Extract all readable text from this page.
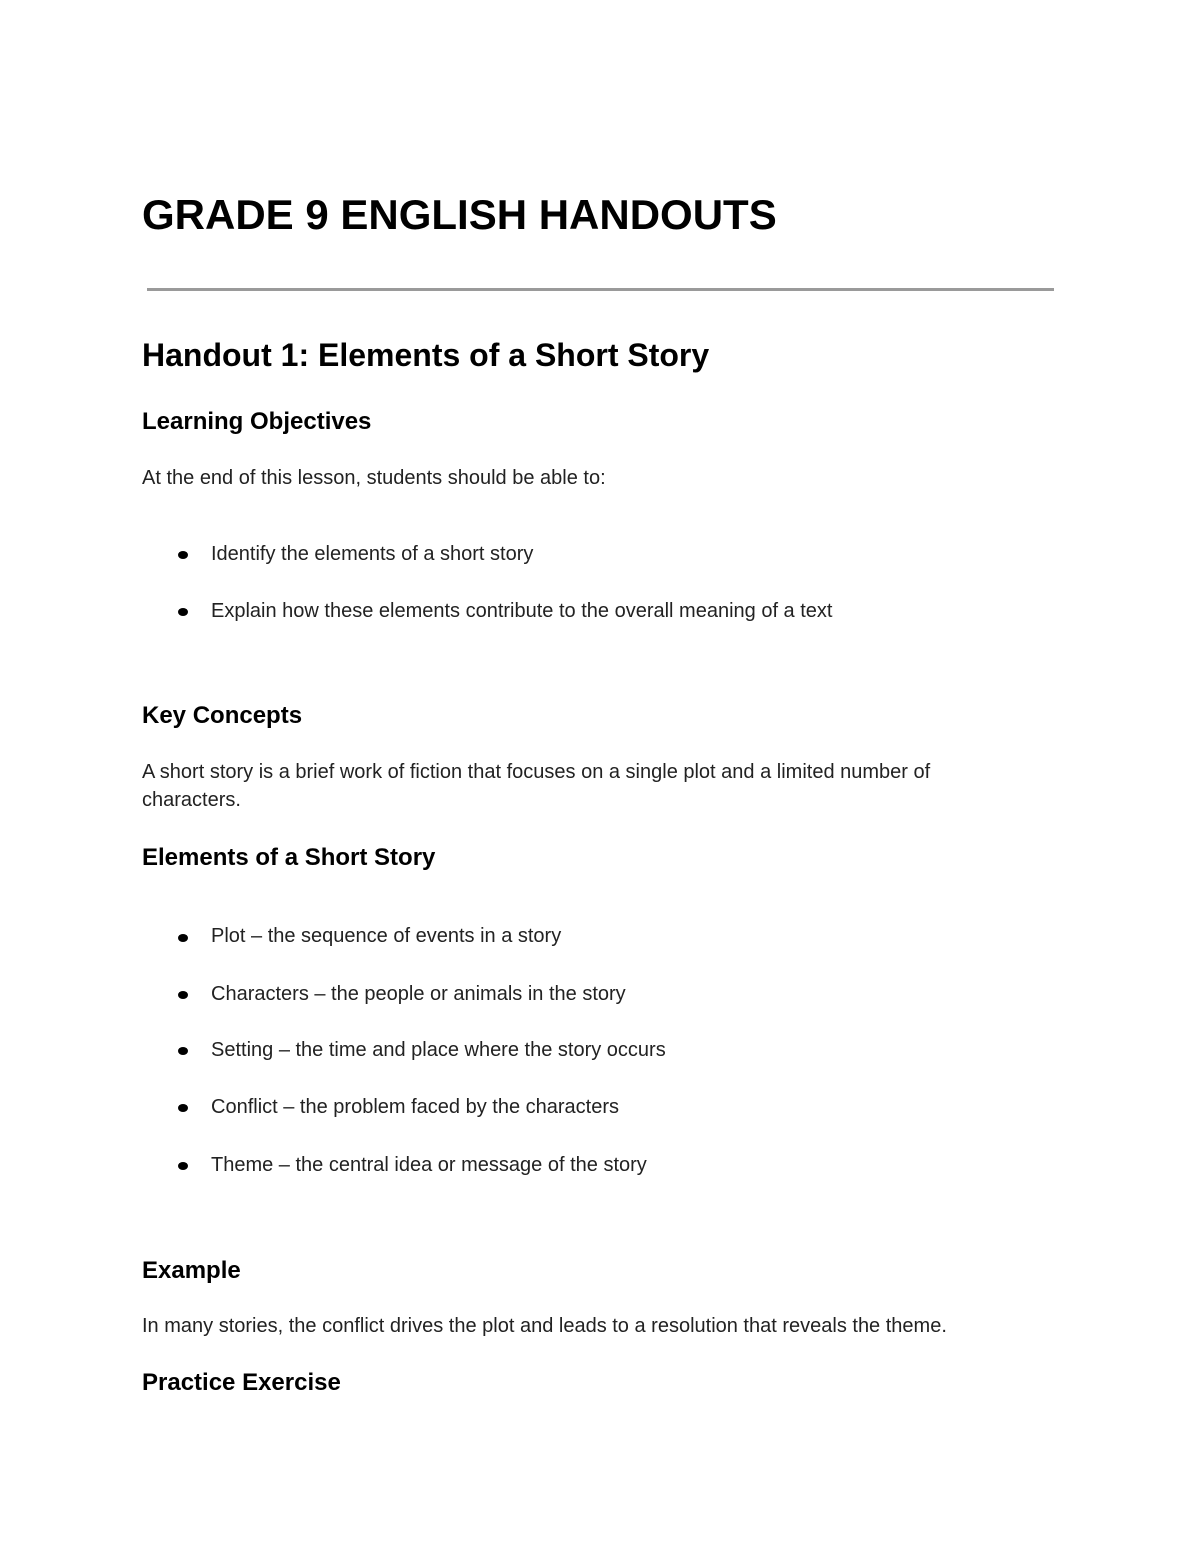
GRADE 9 ENGLISH HANDOUTS
Handout 1: Elements of a Short Story
Learning Objectives

At the end of this lesson, students should be able to:

Identify the elements of a short story

Explain how these elements contribute to the overall meaning of a text

Key Concepts

A short story is a brief work of fiction that focuses on a single plot and a limited number of characters.

Elements of a Short Story

Plot – the sequence of events in a story

Characters – the people or animals in the story

Setting – the time and place where the story occurs

Conflict – the problem faced by the characters

Theme – the central idea or message of the story

Example

In many stories, the conflict drives the plot and leads to a resolution that reveals the theme.

Practice Exercise
